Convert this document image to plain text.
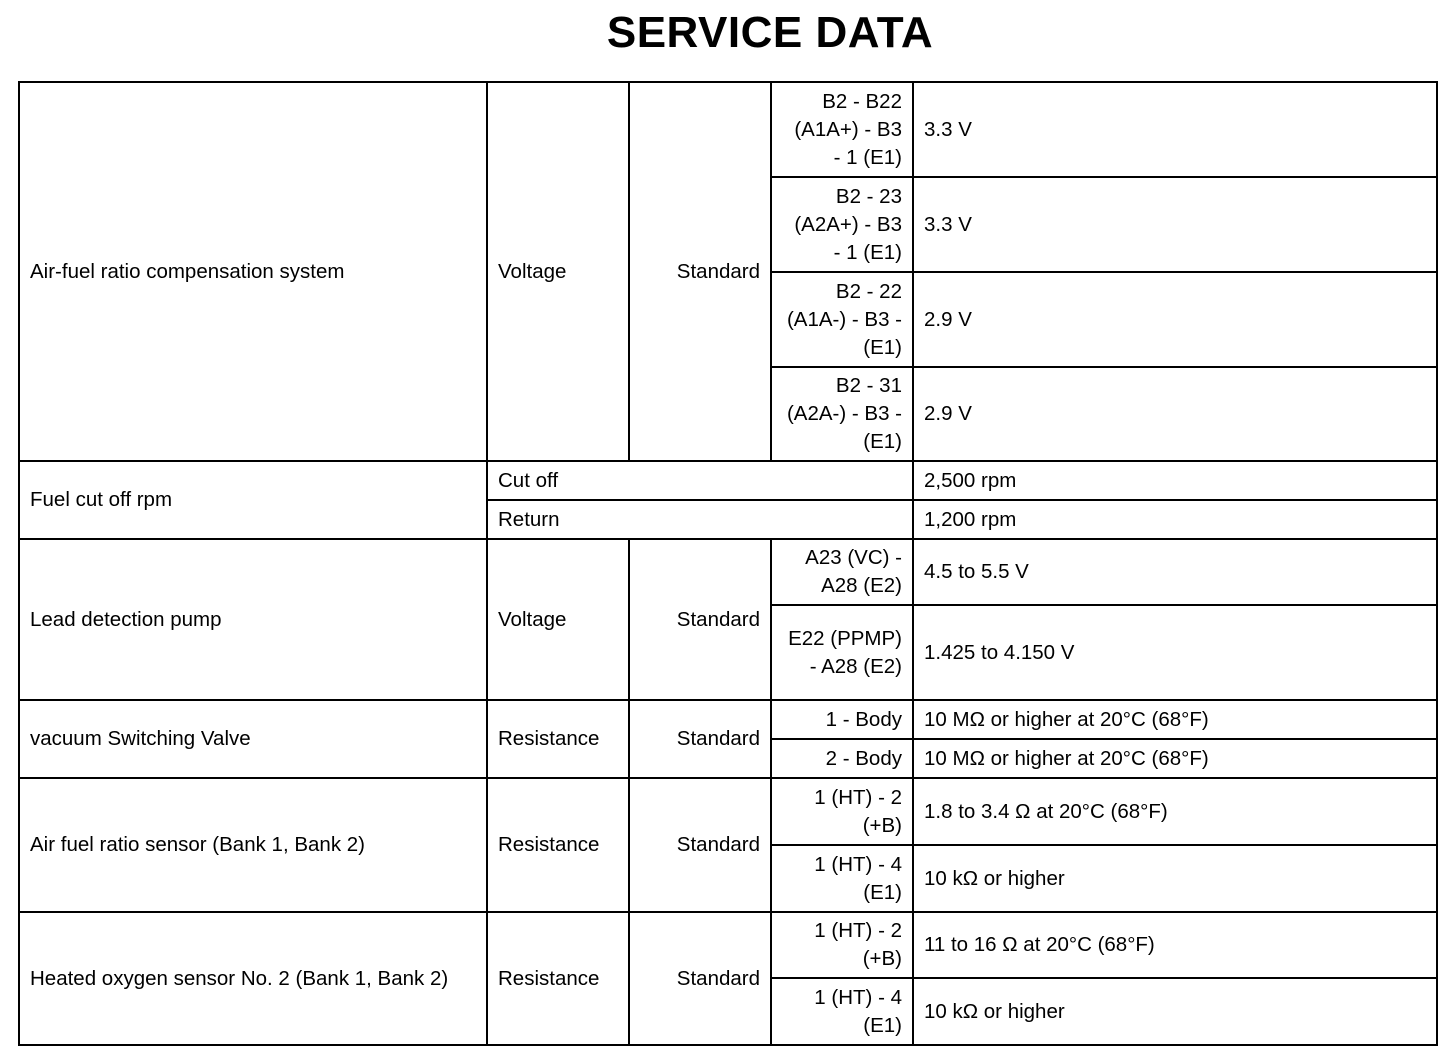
SERVICE DATA
Air-fuel ratio compensation system	Voltage	Standard	B2 - B22 (A1A+) - B3 - 1 (E1)	3.3 V
			B2 - 23 (A2A+) - B3 - 1 (E1)	3.3 V
			B2 - 22 (A1A-) - B3 - (E1)	2.9 V
			B2 - 31 (A2A-) - B3 - (E1)	2.9 V
Fuel cut off rpm	Cut off			2,500 rpm
	Return			1,200 rpm
Lead detection pump	Voltage	Standard	A23 (VC) - A28 (E2)	4.5 to 5.5 V
			E22 (PPMP) - A28 (E2)	1.425 to 4.150 V
vacuum Switching Valve	Resistance	Standard	1 - Body	10 MΩ or higher at 20°C (68°F)
			2 - Body	10 MΩ or higher at 20°C (68°F)
Air fuel ratio sensor (Bank 1, Bank 2)	Resistance	Standard	1 (HT) - 2 (+B)	1.8 to 3.4 Ω at 20°C (68°F)
			1 (HT) - 4 (E1)	10 kΩ or higher
Heated oxygen sensor No. 2 (Bank 1, Bank 2)	Resistance	Standard	1 (HT) - 2 (+B)	11 to 16 Ω at 20°C (68°F)
			1 (HT) - 4 (E1)	10 kΩ or higher
